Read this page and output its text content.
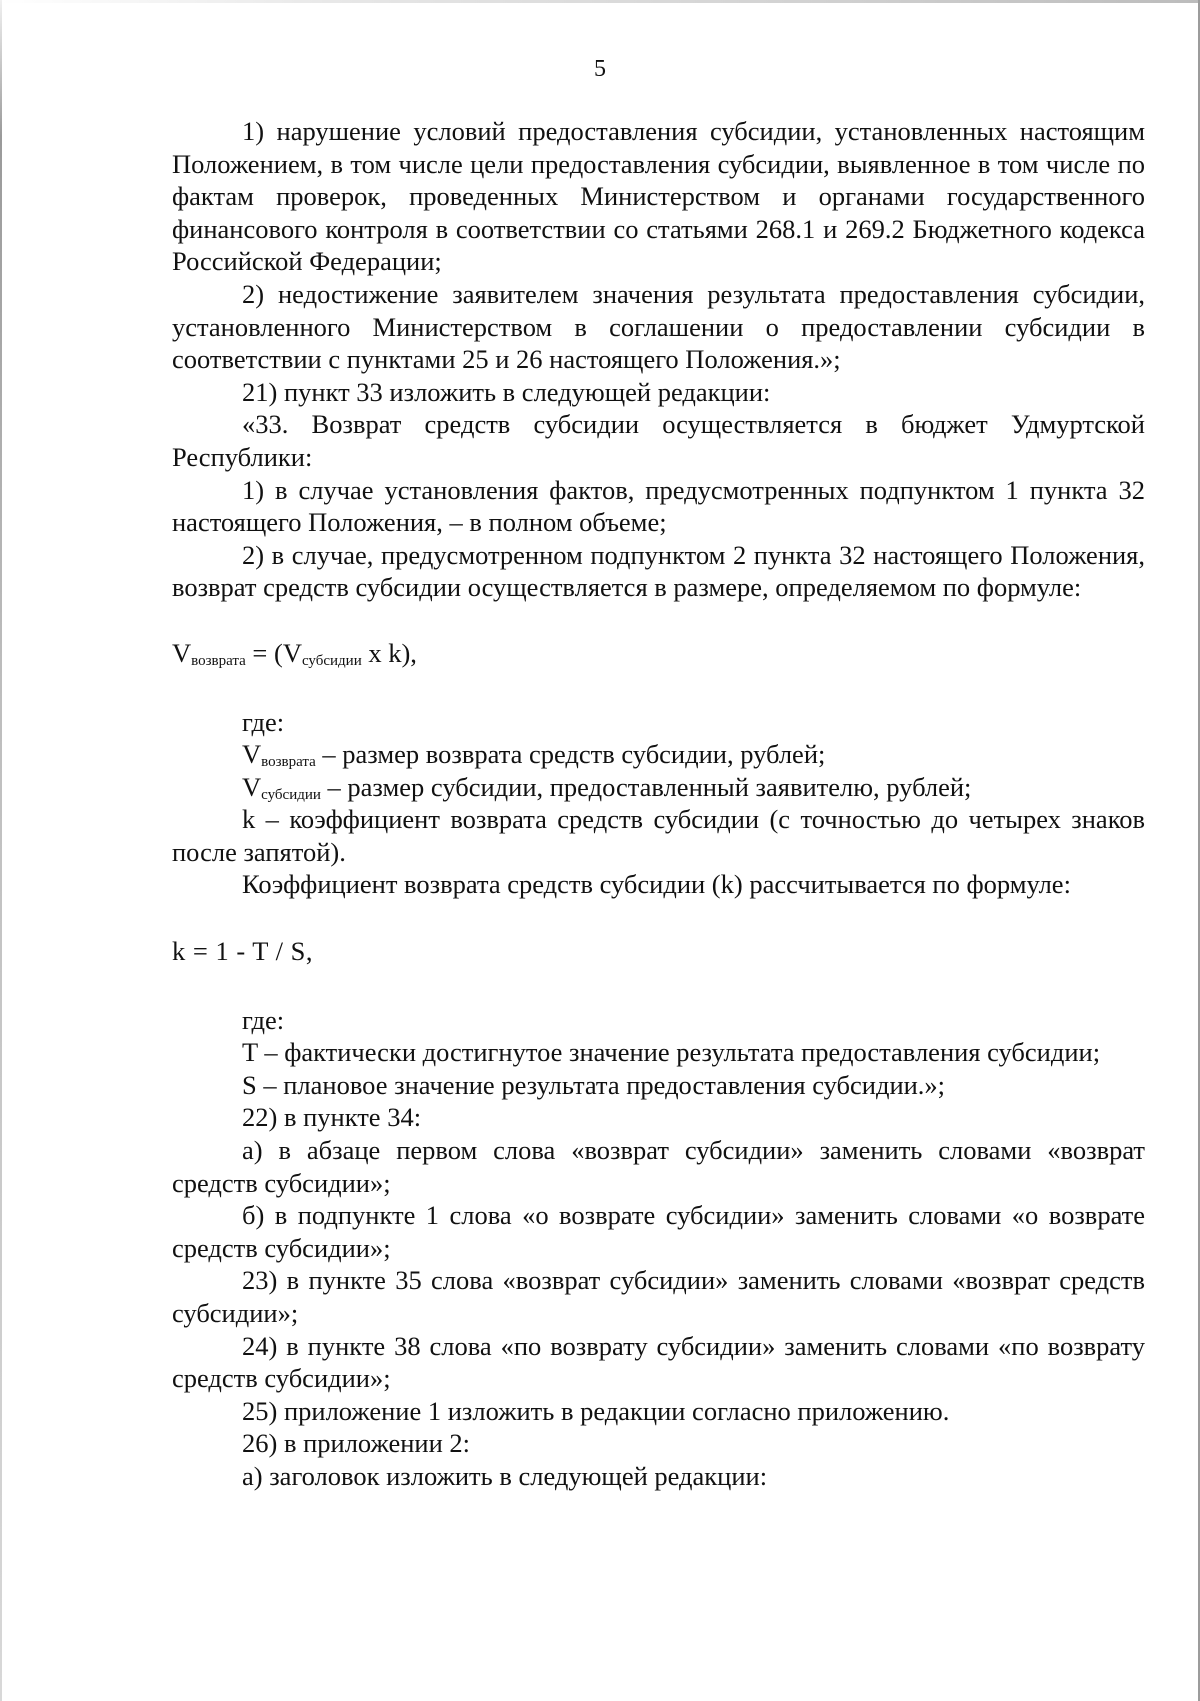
5

1) нарушение условий предоставления субсидии, установленных настоящим Положением, в том числе цели предоставления субсидии, выявленное в том числе по фактам проверок, проведенных Министерством и органами государственного финансового контроля в соответствии со статьями 268.1 и 269.2 Бюджетного кодекса Российской Федерации;

2) недостижение заявителем значения результата предоставления субсидии, установленного Министерством в соглашении о предоставлении субсидии в соответствии с пунктами 25 и 26 настоящего Положения.»;

21) пункт 33 изложить в следующей редакции:

«33. Возврат средств субсидии осуществляется в бюджет Удмуртской Республики:

1) в случае установления фактов, предусмотренных подпунктом 1 пункта 32 настоящего Положения, – в полном объеме;

2) в случае, предусмотренном подпунктом 2 пункта 32 настоящего Положения, возврат средств субсидии осуществляется в размере, определяемом по формуле:

$V_{возврата} = (V_{субсидии}$ x k),

где:

$V_{возврата}$ – размер возврата средств субсидии, рублей;

$V_{субсидии}$ – размер субсидии, предоставленный заявителю, рублей;

k – коэффициент возврата средств субсидии (с точностью до четырех знаков после запятой).

Коэффициент возврата средств субсидии (k) рассчитывается по формуле:

k = 1 - T / S,

где:

T – фактически достигнутое значение результата предоставления субсидии;

S – плановое значение результата предоставления субсидии.»;

22) в пункте 34:

а) в абзаце первом слова «возврат субсидии» заменить словами «возврат средств субсидии»;

б) в подпункте 1 слова «о возврате субсидии» заменить словами «о возврате средств субсидии»;

23) в пункте 35 слова «возврат субсидии» заменить словами «возврат средств субсидии»;

24) в пункте 38 слова «по возврату субсидии» заменить словами «по возврату средств субсидии»;

25) приложение 1 изложить в редакции согласно приложению.

26) в приложении 2:

а) заголовок изложить в следующей редакции:
